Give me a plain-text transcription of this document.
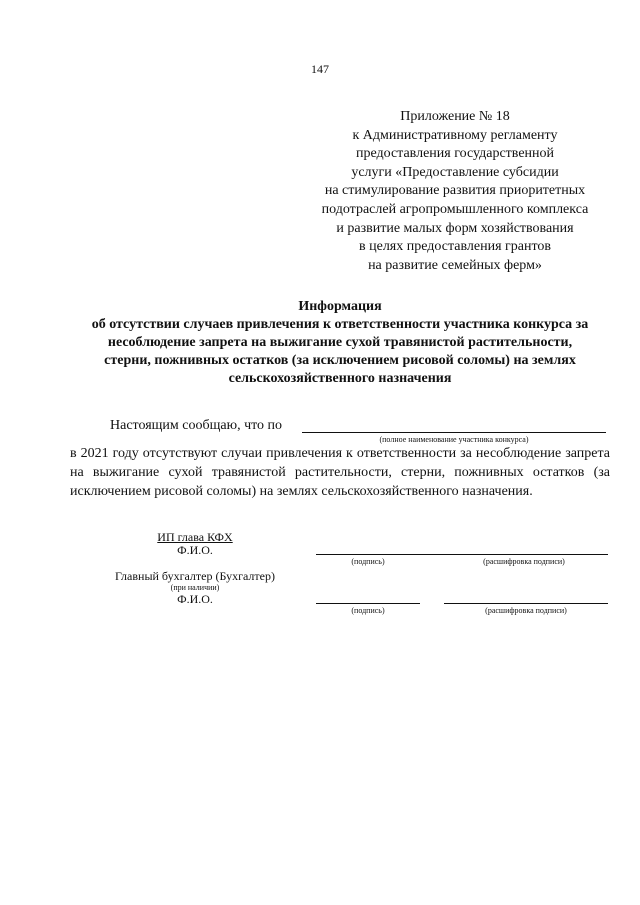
147
Приложение № 18
к Административному регламенту
предоставления государственной
услуги «Предоставление субсидии
на стимулирование развития приоритетных
подотраслей агропромышленного комплекса
и развитие малых форм хозяйствования
в целях предоставления грантов
на развитие семейных ферм»
Информация
об отсутствии случаев привлечения к ответственности участника конкурса за
несоблюдение запрета на выжигание сухой травянистой растительности,
стерни, пожнивных остатков (за исключением рисовой соломы) на землях
сельскохозяйственного назначения
Настоящим сообщаю, что по
(полное наименование участника конкурса)
в 2021 году отсутствуют случаи привлечения к ответственности за несоблюдение запрета на выжигание сухой травянистой растительности, стерни, пожнивных остатков (за исключением рисовой соломы) на землях сельскохозяйственного назначения.
ИП глава КФХ
Ф.И.О.
(подпись)	(расшифровка подписи)
Главный бухгалтер (Бухгалтер)
(при наличии)
Ф.И.О.
(подпись)	(расшифровка подписи)
